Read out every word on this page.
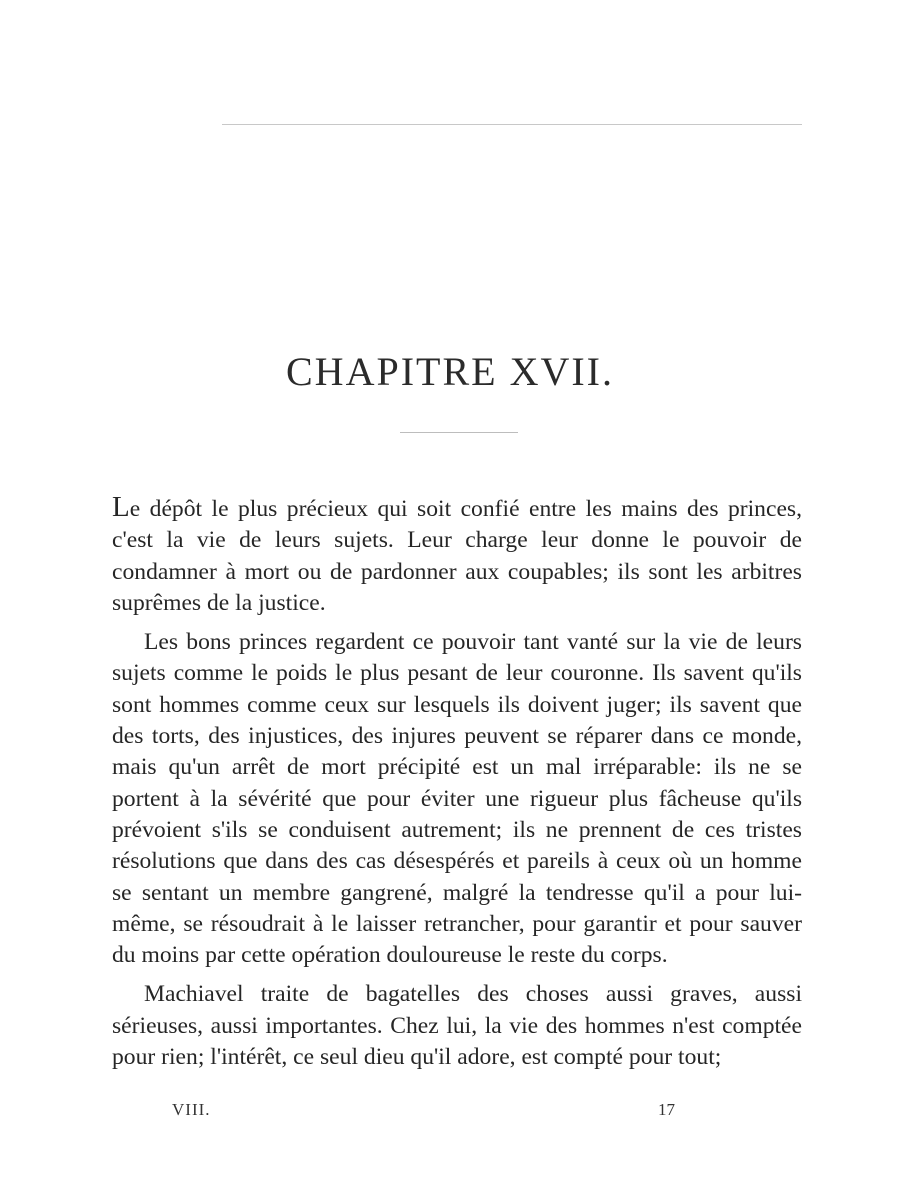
CHAPITRE XVII.

Le dépôt le plus précieux qui soit confié entre les mains des princes, c'est la vie de leurs sujets. Leur charge leur donne le pouvoir de condamner à mort ou de pardonner aux coupables; ils sont les arbitres suprêmes de la justice.

Les bons princes regardent ce pouvoir tant vanté sur la vie de leurs sujets comme le poids le plus pesant de leur couronne. Ils savent qu'ils sont hommes comme ceux sur lesquels ils doivent juger; ils savent que des torts, des injustices, des injures peuvent se réparer dans ce monde, mais qu'un arrêt de mort précipité est un mal irréparable: ils ne se portent à la sévérité que pour éviter une rigueur plus fâcheuse qu'ils prévoient s'ils se conduisent autrement; ils ne prennent de ces tristes résolutions que dans des cas désespérés et pareils à ceux où un homme se sentant un membre gangrené, malgré la tendresse qu'il a pour lui-même, se résoudrait à le laisser retrancher, pour garantir et pour sauver du moins par cette opération douloureuse le reste du corps.

Machiavel traite de bagatelles des choses aussi graves, aussi sérieuses, aussi importantes. Chez lui, la vie des hommes n'est comptée pour rien; l'intérêt, ce seul dieu qu'il adore, est compté pour tout;

VIII.	17
